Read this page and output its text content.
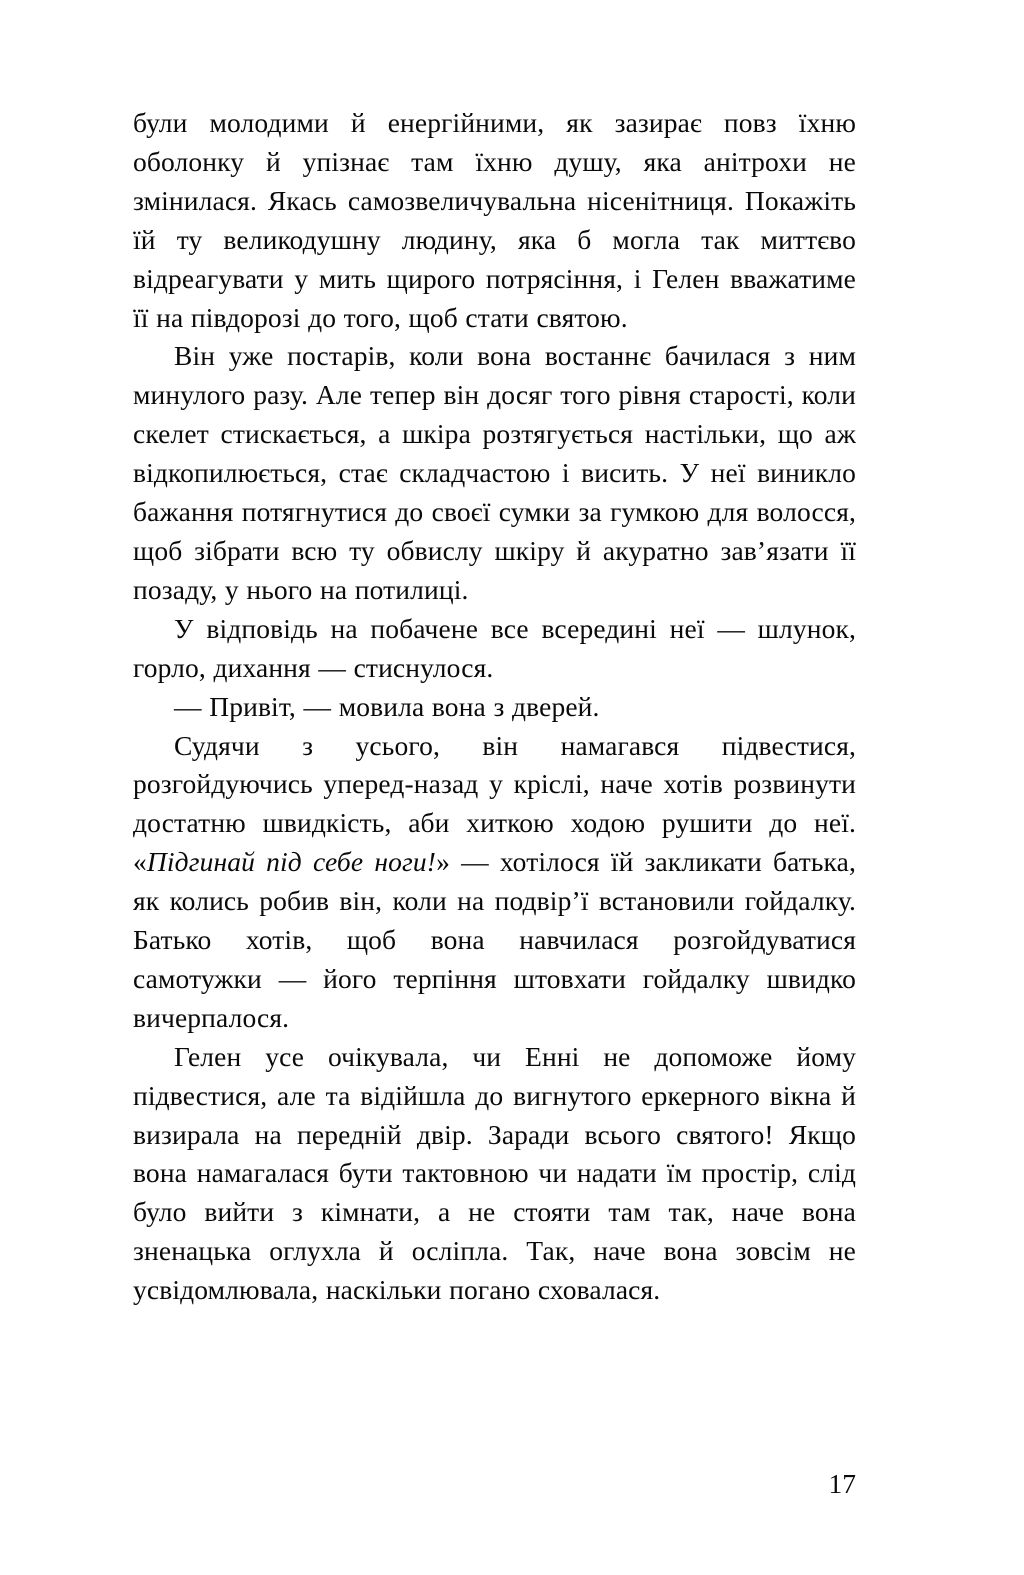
були молодими й енергійними, як зазирає повз їхню оболонку й упізнає там їхню душу, яка анітрохи не змінилася. Якась самозвеличувальна нісенітниця. Покажіть їй ту великодушну людину, яка б могла так миттєво відреагувати у мить щирого потрясіння, і Гелен вважатиме її на півдорозі до того, щоб стати святою.

Він уже постарів, коли вона востаннє бачилася з ним минулого разу. Але тепер він досяг того рівня старості, коли скелет стискається, а шкіра розтягується настільки, що аж відкопилюється, стає складчастою і висить. У неї виникло бажання потягнутися до своєї сумки за гумкою для волосся, щоб зібрати всю ту обвислу шкіру й акуратно зав’язати її позаду, у нього на потилиці.

У відповідь на побачене все всередині неї — шлунок, горло, дихання — стиснулося.

— Привіт, — мовила вона з дверей.

Судячи з усього, він намагався підвестися, розгойдуючись уперед-назад у кріслі, наче хотів розвинути достатню швидкість, аби хиткою ходою рушити до неї. «Підгинай під себе ноги!» — хотілося їй закликати батька, як колись робив він, коли на подвір’ї встановили гойдалку. Батько хотів, щоб вона навчилася розгойдуватися самотужки — його терпіння штовхати гойдалку швидко вичерпалося.

Гелен усе очікувала, чи Енні не допоможе йому підвестися, але та відійшла до вигнутого еркерного вікна й визирала на передній двір. Заради всього святого! Якщо вона намагалася бути тактовною чи надати їм простір, слід було вийти з кімнати, а не стояти там так, наче вона зненацька оглухла й осліпла. Так, наче вона зовсім не усвідомлювала, наскільки погано сховалася.

17
